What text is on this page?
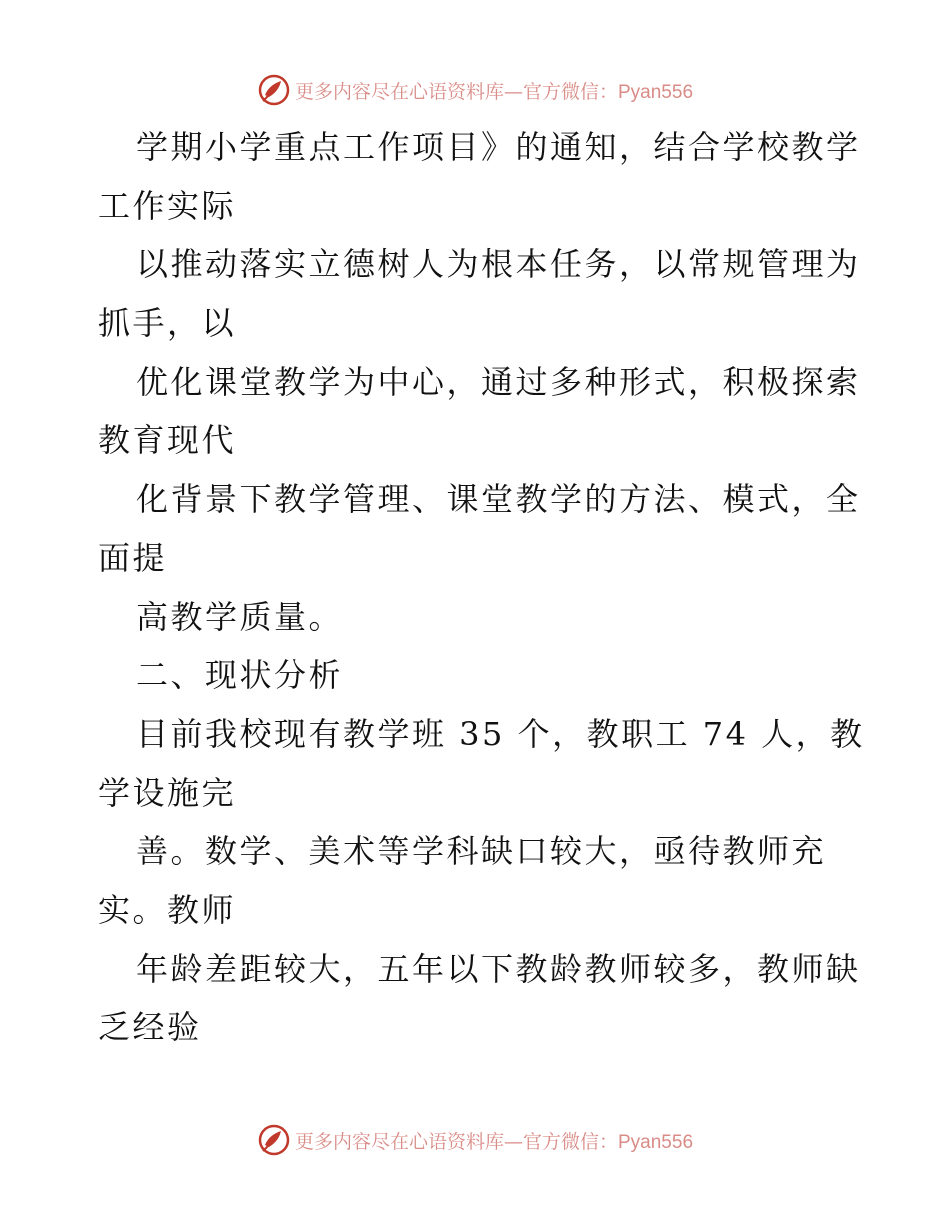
更多内容尽在心语资料库—官方微信：Pyan556
学期小学重点工作项目》的通知，结合学校教学
工作实际
以推动落实立德树人为根本任务，以常规管理为
抓手，以
优化课堂教学为中心，通过多种形式，积极探索
教育现代
化背景下教学管理、课堂教学的方法、模式，全
面提
高教学质量。
二、现状分析
目前我校现有教学班 35 个，教职工 74 人，教
学设施完
善。数学、美术等学科缺口较大，亟待教师充
实。教师
年龄差距较大，五年以下教龄教师较多，教师缺
乏经验
更多内容尽在心语资料库—官方微信：Pyan556
